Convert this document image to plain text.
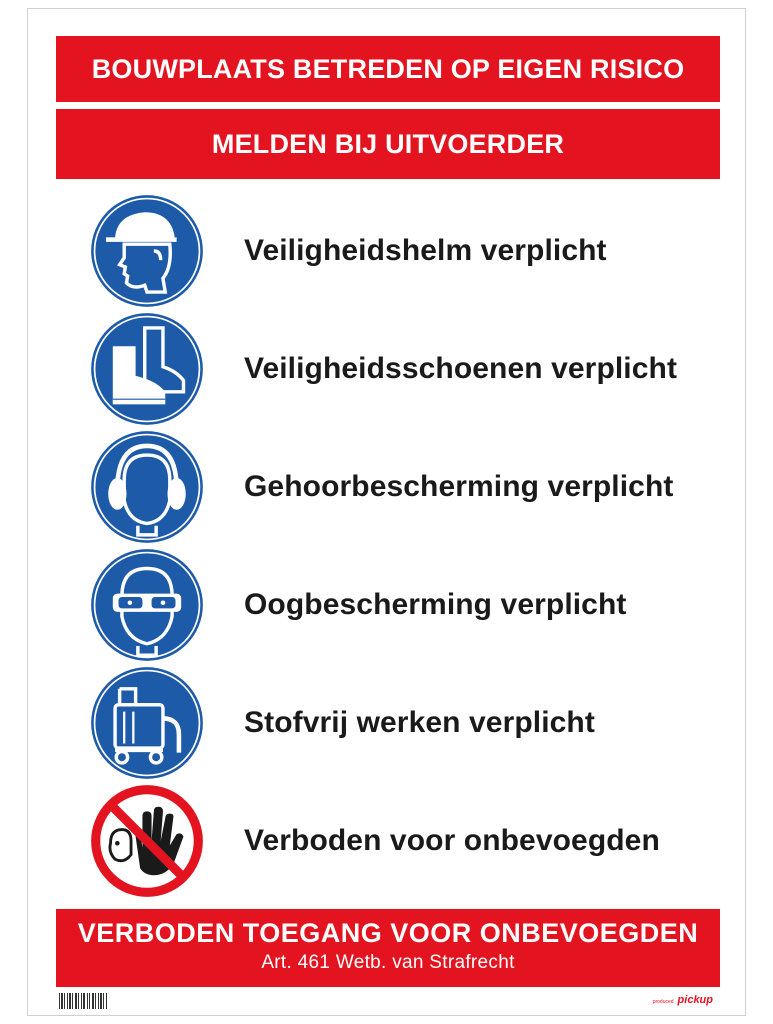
BOUWPLAATS BETREDEN OP EIGEN RISICO
MELDEN BIJ UITVOERDER
Veiligheidshelm verplicht
Veiligheidsschoenen verplicht
Gehoorbescherming verplicht
Oogbescherming verplicht
Stofvrij werken verplicht
Verboden voor onbevoegden
VERBODEN TOEGANG VOOR ONBEVOEGDEN
Art. 461 Wetb. van Strafrecht
produced pickup
